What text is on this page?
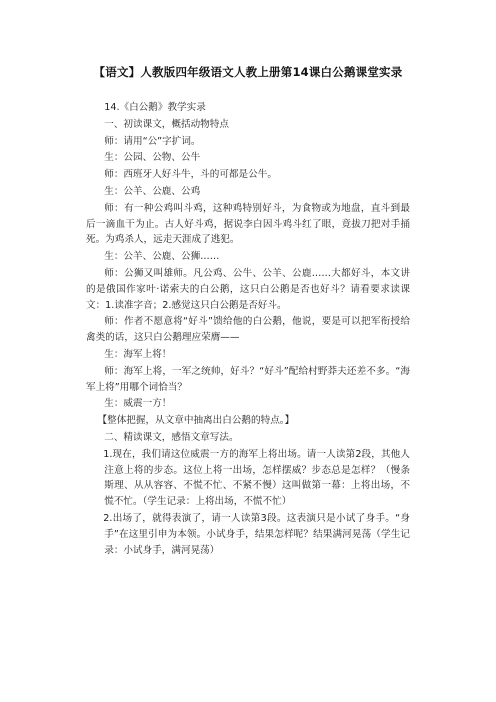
【语文】人教版四年级语文人教上册第14课白公鹅课堂实录

14.《白公鹅》教学实录

一、初读课文，概括动物特点

师：请用“公”字扩词。

生：公园、公物、公牛

师：西班牙人好斗牛，斗的可都是公牛。

生：公羊、公鹿、公鸡

师：有一种公鸡叫斗鸡，这种鸡特别好斗，为食物或为地盘，直斗到最后一滴血干为止。古人好斗鸡，据说李白因斗鸡斗红了眼，竟拔刀把对手捅死。为鸡杀人，远走天涯成了逃犯。

生：公羊、公鹿、公狮……

师：公狮又叫雄师。凡公鸡、公牛、公羊、公鹿……大都好斗，本文讲的是俄国作家叶·诺索夫的白公鹅，这只白公鹅是否也好斗？请看要求读课文：1.读准字音；2.感觉这只白公鹅是否好斗。

师：作者不愿意将“好斗”馈给他的白公鹅，他说，要是可以把军衔授给禽类的话，这只白公鹅理应荣膺——

生：海军上将！

师：海军上将，一军之统帅，好斗？“好斗”配给村野莽夫还差不多。“海军上将”用哪个词恰当？

生：威震一方！

【整体把握，从文章中抽离出白公鹅的特点。】

二、精读课文，感悟文章写法。

1.现在，我们请这位威震一方的海军上将出场。请一人读第2段，其他人注意上将的步态。这位上将一出场，怎样摆威？步态总是怎样？（慢条斯理、从从容容、不慌不忙、不紧不慢）这叫做第一幕：上将出场，不慌不忙。（学生记录：上将出场，不慌不忙）

2.出场了，就得表演了，请一人读第3段。这表演只是小试了身手。“身手”在这里引申为本领。小试身手，结果怎样呢？结果满河晃荡（学生记录：小试身手，满河晃荡）
